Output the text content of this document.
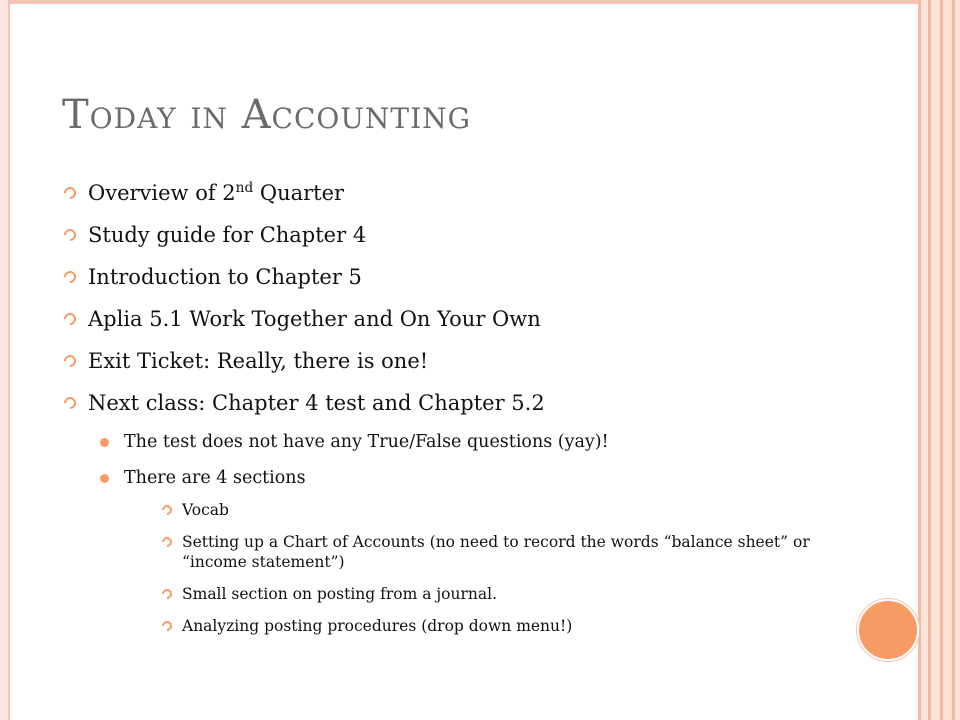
Today in Accounting
Overview of 2nd Quarter
Study guide for Chapter 4
Introduction to Chapter 5
Aplia 5.1 Work Together and On Your Own
Exit Ticket: Really, there is one!
Next class: Chapter 4 test and Chapter 5.2
The test does not have any True/False questions (yay)!
There are 4 sections
Vocab
Setting up a Chart of Accounts (no need to record the words “balance sheet” or “income statement”)
Small section on posting from a journal.
Analyzing posting procedures (drop down menu!)
